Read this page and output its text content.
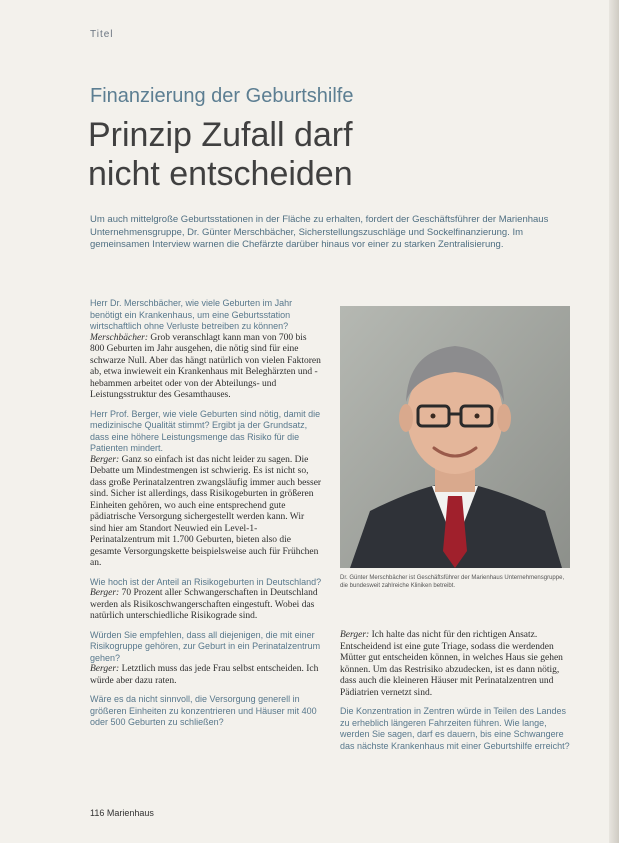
Titel
Finanzierung der Geburtshilfe
Prinzip Zufall darf
nicht entscheiden
Um auch mittelgroße Geburtsstationen in der Fläche zu erhalten, fordert der Geschäftsführer der Marienhaus Unternehmensgruppe, Dr. Günter Merschbächer, Sicherstellungszuschläge und Sockelfinanzierung. Im gemeinsamen Interview warnen die Chefärzte darüber hinaus vor einer zu starken Zentralisierung.

Herr Dr. Merschbächer, wie viele Geburten im Jahr benötigt ein Krankenhaus, um eine Geburtsstation wirtschaftlich ohne Verluste betreiben zu können?
Merschbächer: Grob veranschlagt kann man von 700 bis 800 Geburten im Jahr ausgehen, die nötig sind für eine schwarze Null. Aber das hängt natürlich von vielen Faktoren ab, etwa inwieweit ein Krankenhaus mit Beleghärzten und -hebammen arbeitet oder von der Abteilungs- und Leistungsstruktur des Gesamthauses.

Herr Prof. Berger, wie viele Geburten sind nötig, damit die medizinische Qualität stimmt? Ergibt ja der Grundsatz, dass eine höhere Leistungsmenge das Risiko für die Patienten mindert.
Berger: Ganz so einfach ist das nicht leider zu sagen. Die Debatte um Mindestmengen ist schwierig. Es ist nicht so, dass große Perinatalzentren zwangsläufig immer auch besser sind. Sicher ist allerdings, dass Risikogeburten in größeren Einheiten gehören, wo auch eine entsprechend gute pädiatrische Versorgung sichergestellt werden kann. Wir sind hier am Standort Neuwied ein Level-1-Perinatalzentrum mit 1.700 Geburten, bieten also die gesamte Versorgungskette beispielsweise auch für Frühchen an.

Wie hoch ist der Anteil an Risikogeburten in Deutschland?
Berger: 70 Prozent aller Schwangerschaften in Deutschland werden als Risikoschwangerschaften eingestuft. Wobei das natürlich unterschiedliche Risikograde sind.

Würden Sie empfehlen, dass all diejenigen, die mit einer Risikogruppe gehören, zur Geburt in ein Perinatalzentrum gehen?
Berger: Letztlich muss das jede Frau selbst entscheiden. Ich würde aber dazu raten.

Wäre es da nicht sinnvoll, die Versorgung generell in größeren Einheiten zu konzentrieren und Häuser mit 400 oder 500 Geburten zu schließen?

Dr. Günter Merschbächer ist Geschäftsführer der Marienhaus Unternehmensgruppe, die bundesweit zahlreiche Kliniken betreibt.

Berger: Ich halte das nicht für den richtigen Ansatz. Entscheidend ist eine gute Triage, sodass die werdenden Mütter gut entscheiden können, in welches Haus sie gehen können. Um das Restrisiko abzudecken, ist es dann nötig, dass auch die kleineren Häuser mit Perinatalzentren und Pädiatrien vernetzt sind.

Die Konzentration in Zentren würde in Teilen des Landes zu erheblich längeren Fahrzeiten führen. Wie lange, werden Sie sagen, darf es dauern, bis eine Schwangere das nächste Krankenhaus mit einer Geburtshilfe erreicht?

116 Marienhaus
